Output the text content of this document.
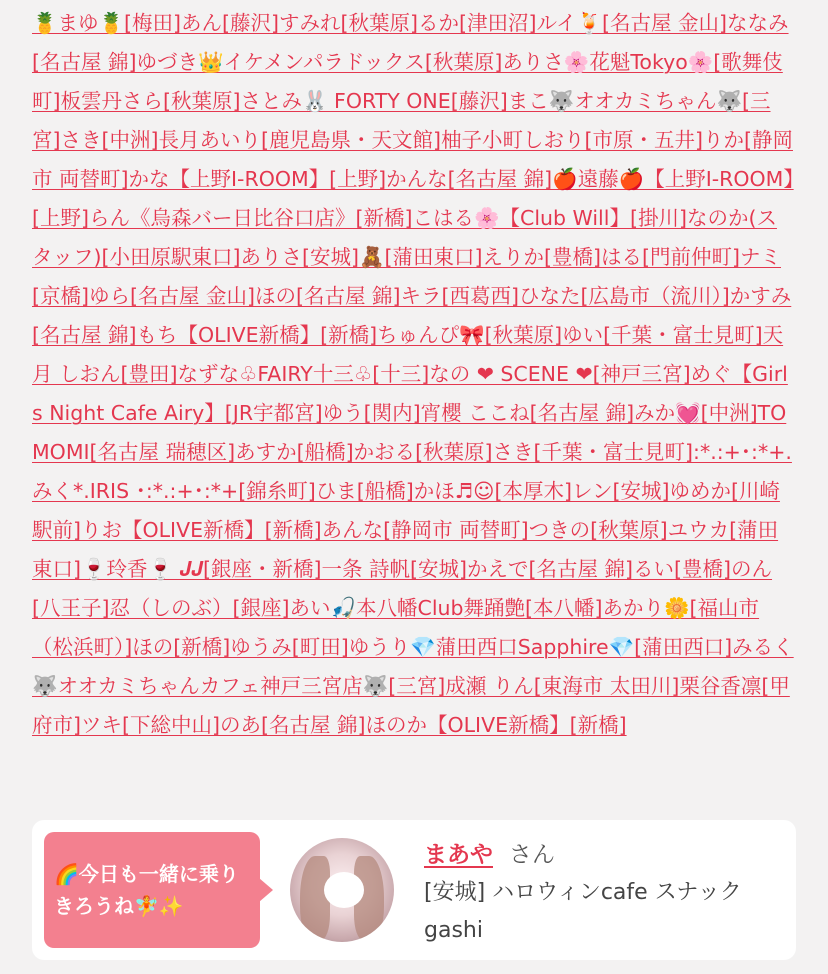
🍍まゆ🍍[梅田]あん[藤沢]すみれ[秋葉原]るか[津田沼]ルイ🍹[名古屋 金山]ななみ[名古屋 錦]ゆづき👑イケメンパラドックス[秋葉原]ありさ🌸花魁Tokyo🌸[歌舞伎町]板雲丹さら[秋葉原]さとみ🐰 FORTY ONE[藤沢]まこ🐺オオカミちゃん🐺[三宮]さき[中洲]長月あいり[鹿児島県・天文館]柚子小町しおり[市原・五井]りか[静岡市 両替町]かな【上野I-ROOM】[上野]かんな[名古屋 錦]🍎遠藤🍎【上野I-ROOM】[上野]らん《烏森バー日比谷口店》[新橋]こはる🌸【Club Will】[掛川]なのか(スタッフ)[小田原駅東口]ありさ[安城]🧸[蒲田東口]えりか[豊橋]はる[門前仲町]ナミ[京橋]ゆら[名古屋 金山]ほの[名古屋 錦]キラ[西葛西]ひなた[広島市（流川）]かすみ[名古屋 錦]もち【OLIVE新橋】[新橋]ちゅんぴ🎀[秋葉原]ゆい[千葉・富士見町]天月 しおん[豊田]なずな♧FAIRY十三♧[十三]なの ❤ SCENE ❤[神戸三宮]めぐ【Girls Night Cafe Airy】[JR宇都宮]ゆう[関内]宵櫻 ここね[名古屋 錦]みか💓[中洲]TOMOMI[名古屋 瑞穂区]あすか[船橋]かおる[秋葉原]さき[千葉・富士見町]:*.:+･:*+. みく*.IRIS ･:*.:+･:*+[錦糸町]ひま[船橋]かほ♬☺[本厚木]レン[安城]ゆめか[川崎駅前]りお【OLIVE新橋】[新橋]あんな[静岡市 両替町]つきの[秋葉原]ユウカ[蒲田東口]🍷玲香🍷 𝑱𝑱[銀座・新橋]一条 詩帆[安城]かえで[名古屋 錦]るい[豊橋]のん[八王子]忍（しのぶ）[銀座]あい🎣本八幡Club舞踊艶[本八幡]あかり🌼[福山市（松浜町）]ほの[新橋]ゆうみ[町田]ゆうり💎蒲田西口Sapphire💎[蒲田西口]みるく🐺オオカミちゃんカフェ神戸三宮店🐺[三宮]成瀬 りん[東海市 太田川]栗谷香凛[甲府市]ツキ[下総中山]のあ[名古屋 錦]ほのか【OLIVE新橋】[新橋]
🌈今日も一緒に乗りきろうね🧚✨
まあや さん
[安城] ハロウィンcafe スナックgashi
